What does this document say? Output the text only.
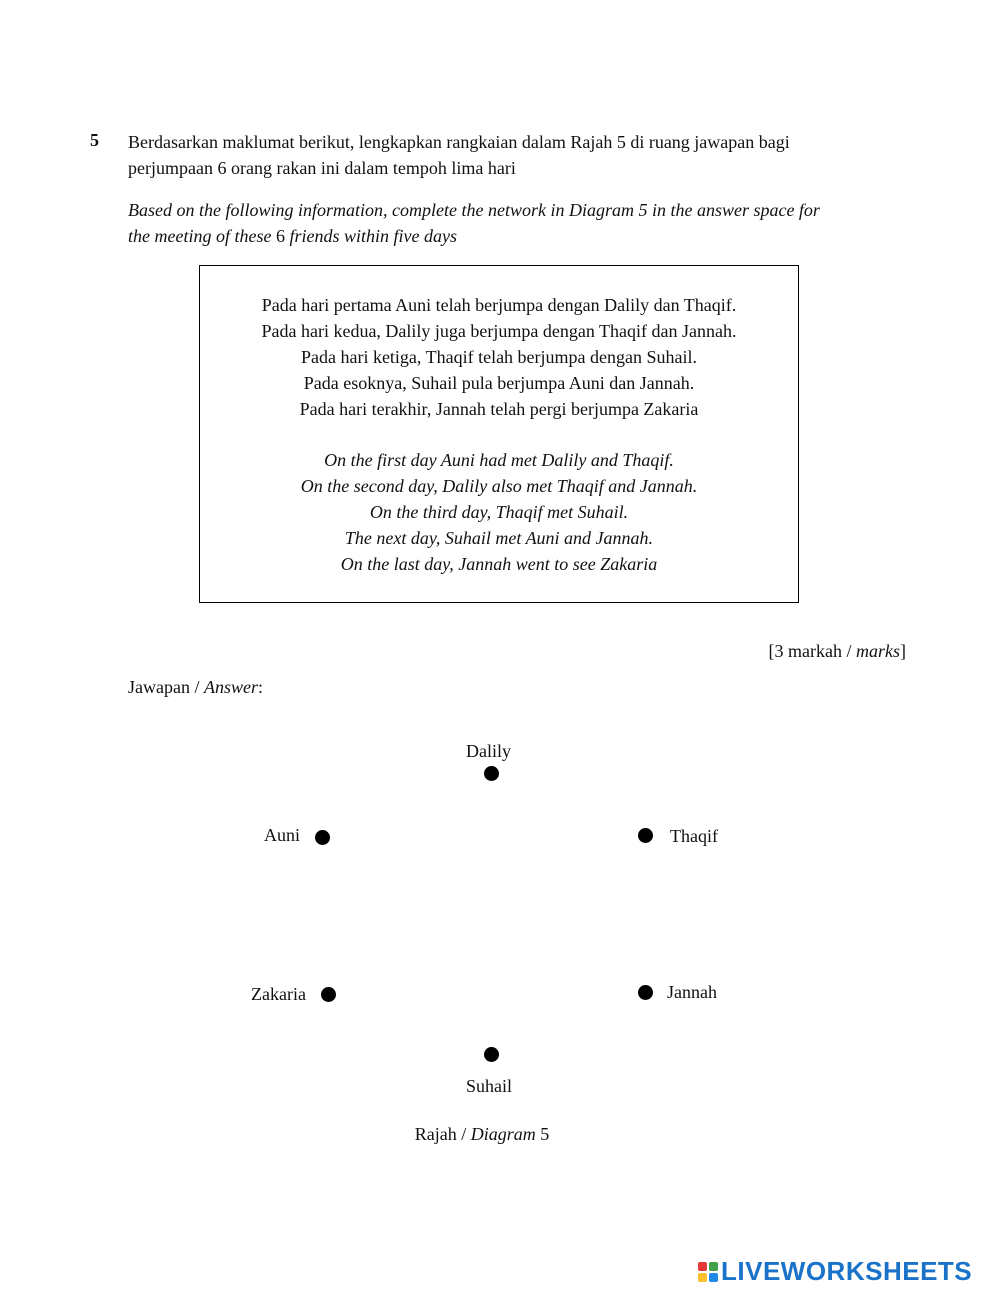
5 Berdasarkan maklumat berikut, lengkapkan rangkaian dalam Rajah 5 di ruang jawapan bagi
perjumpaan 6 orang rakan ini dalam tempoh lima hari
Based on the following information, complete the network in Diagram 5 in the answer space for
the meeting of these 6 friends within five days
Pada hari pertama Auni telah berjumpa dengan Dalily dan Thaqif.
Pada hari kedua, Dalily juga berjumpa dengan Thaqif dan Jannah.
Pada hari ketiga, Thaqif telah berjumpa dengan Suhail.
Pada esoknya, Suhail pula berjumpa Auni dan Jannah.
Pada hari terakhir, Jannah telah pergi berjumpa Zakaria
On the first day Auni had met Dalily and Thaqif.
On the second day, Dalily also met Thaqif and Jannah.
On the third day, Thaqif met Suhail.
The next day, Suhail met Auni and Jannah.
On the last day, Jannah went to see Zakaria
[3 markah / marks]
Jawapan / Answer:
Dalily
Auni	Thaqif
Zakaria	Jannah
Suhail
Rajah / Diagram 5
LIVEWORKSHEETS
